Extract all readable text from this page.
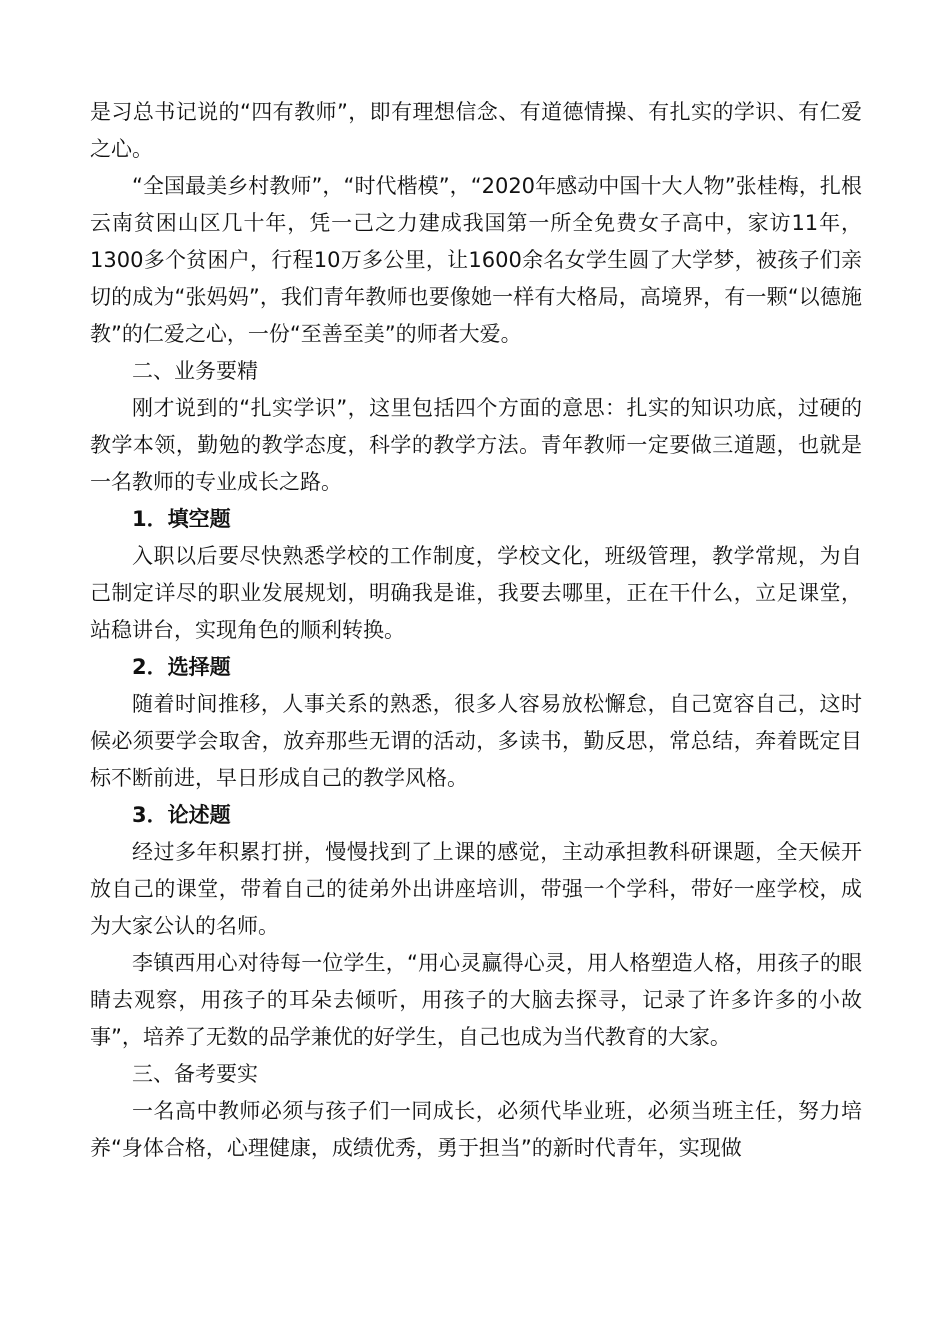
是习总书记说的“四有教师”，即有理想信念、有道德情操、有扎实的学识、有仁爱之心。

“全国最美乡村教师”，“时代楷模”，“2020年感动中国十大人物”张桂梅，扎根云南贫困山区几十年，凭一己之力建成我国第一所全免费女子高中，家访11年，1300多个贫困户，行程10万多公里，让1600余名女学生圆了大学梦，被孩子们亲切的成为“张妈妈”，我们青年教师也要像她一样有大格局，高境界，有一颗“以德施教”的仁爱之心，一份“至善至美”的师者大爱。

二、业务要精

刚才说到的“扎实学识”，这里包括四个方面的意思：扎实的知识功底，过硬的教学本领，勤勉的教学态度，科学的教学方法。青年教师一定要做三道题，也就是一名教师的专业成长之路。

1．填空题

入职以后要尽快熟悉学校的工作制度，学校文化，班级管理，教学常规，为自己制定详尽的职业发展规划，明确我是谁，我要去哪里，正在干什么，立足课堂，站稳讲台，实现角色的顺利转换。

2．选择题

随着时间推移，人事关系的熟悉，很多人容易放松懈怠，自己宽容自己，这时候必须要学会取舍，放弃那些无谓的活动，多读书，勤反思，常总结，奔着既定目标不断前进，早日形成自己的教学风格。

3．论述题

经过多年积累打拼，慢慢找到了上课的感觉，主动承担教科研课题，全天候开放自己的课堂，带着自己的徒弟外出讲座培训，带强一个学科，带好一座学校，成为大家公认的名师。

李镇西用心对待每一位学生，“用心灵赢得心灵，用人格塑造人格，用孩子的眼睛去观察，用孩子的耳朵去倾听，用孩子的大脑去探寻，记录了许多许多的小故事”，培养了无数的品学兼优的好学生，自己也成为当代教育的大家。

三、备考要实

一名高中教师必须与孩子们一同成长，必须代毕业班，必须当班主任，努力培养“身体合格，心理健康，成绩优秀，勇于担当”的新时代青年，实现做
